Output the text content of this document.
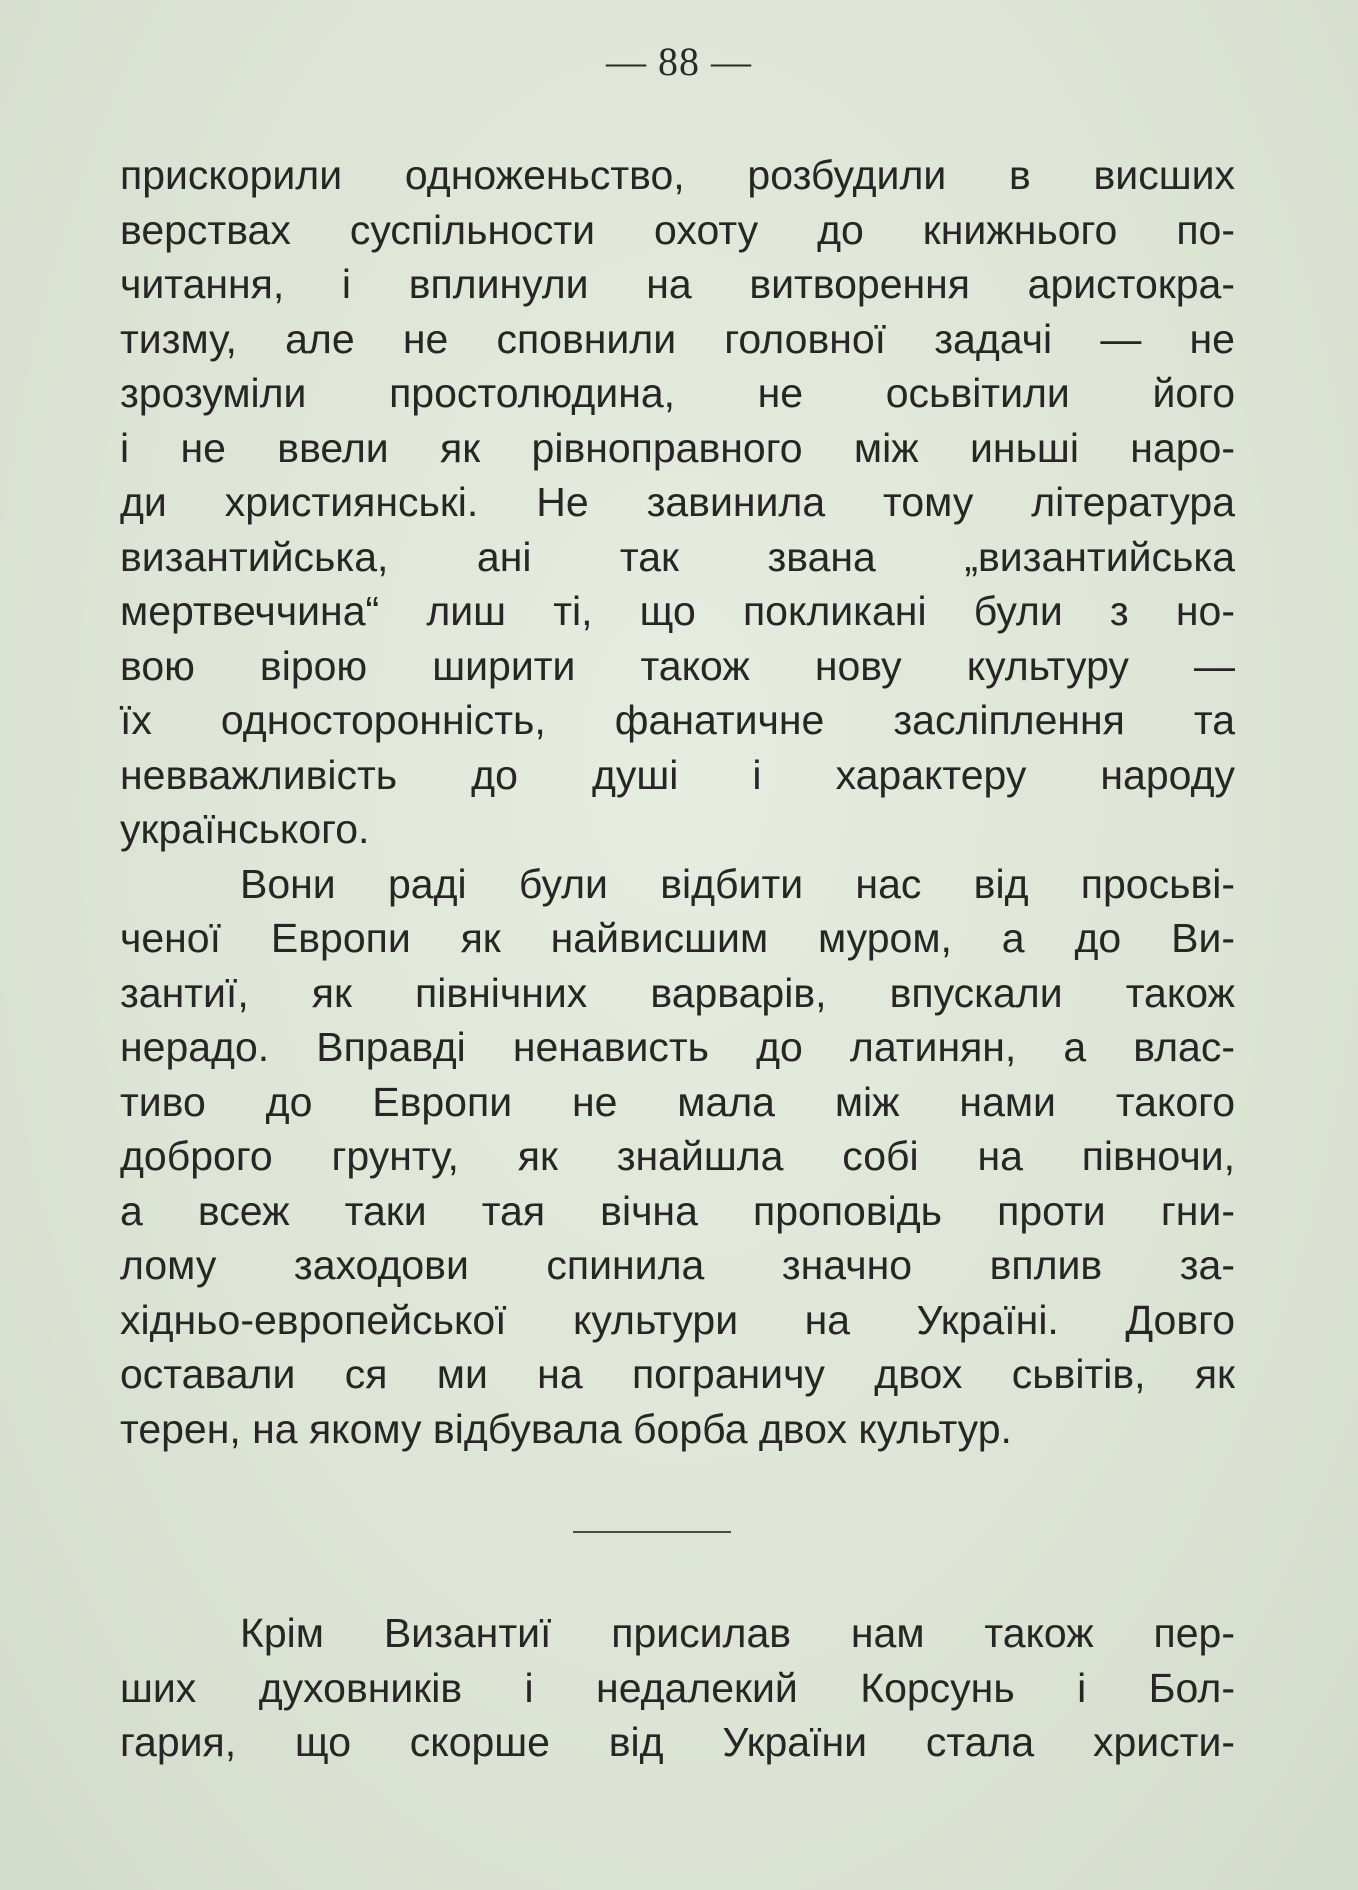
— 88 —
прискорили одноженьство, розбудили в висших
верствах суспільности охоту до книжнього по-
читання, і вплинули на витворення аристокра-
тизму, але не сповнили головної задачі — не
зрозуміли простолюдина, не осьвітили його
і не ввели як рівноправного між иньші наро-
ди християнські. Не завинила тому література
византийська, ані так звана „византийська
мертвеччина“ лиш ті, що покликані були з но-
вою вірою ширити також нову культуру —
їх односторонність, фанатичне засліплення та
невважливість до душі і характеру народу
українського.
Вони раді були відбити нас від просьві-
ченої Европи як найвисшим муром, а до Ви-
зантиї, як північних варварів, впускали також
нерадо. Вправді ненависть до латинян, а влас-
тиво до Европи не мала між нами такого
доброго грунту, як знайшла собі на півночи,
а всеж таки тая вічна проповідь проти гни-
лому заходови спинила значно вплив за-
хідньо-европейської культури на Україні. Довго
оставали ся ми на пограничу двох сьвітів, як
терен, на якому відбувала борба двох культур.
Крім Византиї присилав нам також пер-
ших духовників і недалекий Корсунь і Бол-
гария, що скорше від України стала христи-
